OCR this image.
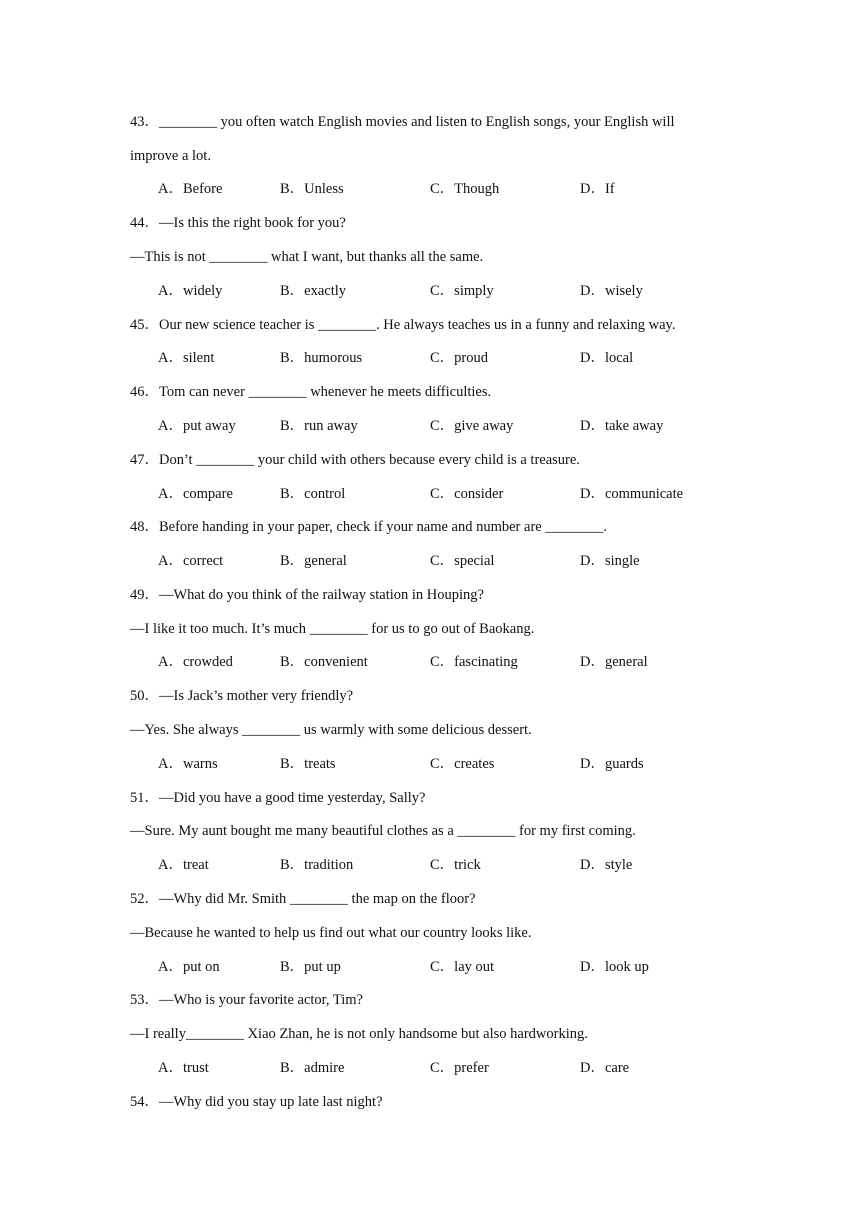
43．________ you often watch English movies and listen to English songs, your English will
improve a lot.
A．Before	B．Unless	C．Though	D．If
44．—Is this the right book for you?
—This is not ________ what I want, but thanks all the same.
A．widely	B．exactly	C．simply	D．wisely
45．Our new science teacher is ________. He always teaches us in a funny and relaxing way.
A．silent	B．humorous	C．proud	D．local
46．Tom can never ________ whenever he meets difficulties.
A．put away	B．run away	C．give away	D．take away
47．Don’t ________ your child with others because every child is a treasure.
A．compare	B．control	C．consider	D．communicate
48．Before handing in your paper, check if your name and number are ________.
A．correct	B．general	C．special	D．single
49．—What do you think of the railway station in Houping?
—I like it too much. It’s much ________ for us to go out of Baokang.
A．crowded	B．convenient	C．fascinating	D．general
50．—Is Jack’s mother very friendly?
—Yes. She always ________ us warmly with some delicious dessert.
A．warns	B．treats	C．creates	D．guards
51．—Did you have a good time yesterday, Sally?
—Sure. My aunt bought me many beautiful clothes as a ________ for my first coming.
A．treat	B．tradition	C．trick	D．style
52．—Why did Mr. Smith ________ the map on the floor?
—Because he wanted to help us find out what our country looks like.
A．put on	B．put up	C．lay out	D．look up
53．—Who is your favorite actor, Tim?
—I really________ Xiao Zhan, he is not only handsome but also hardworking.
A．trust	B．admire	C．prefer	D．care
54．—Why did you stay up late last night?
